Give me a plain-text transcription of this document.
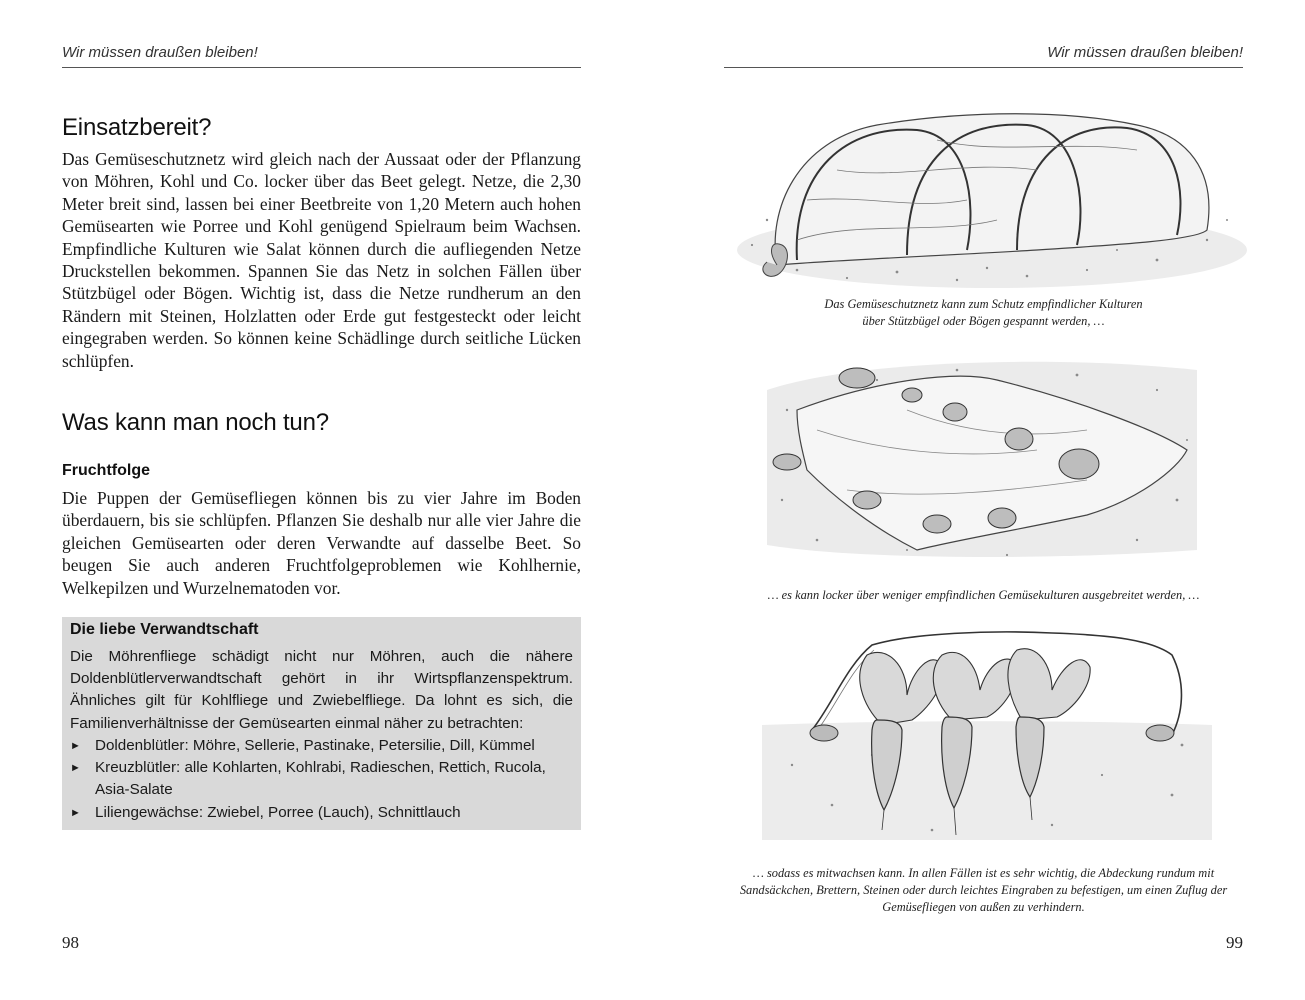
Wir müssen draußen bleiben!
Einsatzbereit?

Das Gemüseschutznetz wird gleich nach der Aussaat oder der Pflanzung von Möhren, Kohl und Co. locker über das Beet gelegt. Netze, die 2,30 Meter breit sind, lassen bei einer Beetbreite von 1,20 Metern auch hohen Gemüsearten wie Porree und Kohl genügend Spielraum beim Wachsen. Empfindliche Kulturen wie Salat können durch die aufliegenden Netze Druckstellen bekommen. Spannen Sie das Netz in solchen Fällen über Stützbügel oder Bögen. Wichtig ist, dass die Netze rundherum an den Rändern mit Steinen, Holzlatten oder Erde gut festgesteckt oder leicht eingegraben werden. So können keine Schädlinge durch seitliche Lücken schlüpfen.

Was kann man noch tun?
Fruchtfolge

Die Puppen der Gemüsefliegen können bis zu vier Jahre im Boden überdauern, bis sie schlüpfen. Pflanzen Sie deshalb nur alle vier Jahre die gleichen Gemüsearten oder deren Verwandte auf dasselbe Beet. So beugen Sie auch anderen Fruchtfolgeproblemen wie Kohlhernie, Welkepilzen und Wurzelnematoden vor.

Die liebe Verwandtschaft

Die Möhrenfliege schädigt nicht nur Möhren, auch die nähere Doldenblütlerverwandtschaft gehört in ihr Wirtspflanzenspektrum. Ähnliches gilt für Kohlfliege und Zwiebelfliege. Da lohnt es sich, die Familienverhältnisse der Gemüsearten einmal näher zu betrachten:

► Doldenblütler: Möhre, Sellerie, Pastinake, Petersilie, Dill, Kümmel
► Kreuzblütler: alle Kohlarten, Kohlrabi, Radieschen, Rettich, Rucola, Asia-Salate
► Liliengewächse: Zwiebel, Porree (Lauch), Schnittlauch
98
Wir müssen draußen bleiben!

Das Gemüseschutznetz kann zum Schutz empfindlicher Kulturen
über Stützbügel oder Bögen gespannt werden, …

… es kann locker über weniger empfindlichen Gemüsekulturen ausgebreitet werden, …

… sodass es mitwachsen kann. In allen Fällen ist es sehr wichtig, die Abdeckung rundum mit
Sandsäckchen, Brettern, Steinen oder durch leichtes Eingraben zu befestigen, um einen Zuflug der
Gemüsefliegen von außen zu verhindern.

99
